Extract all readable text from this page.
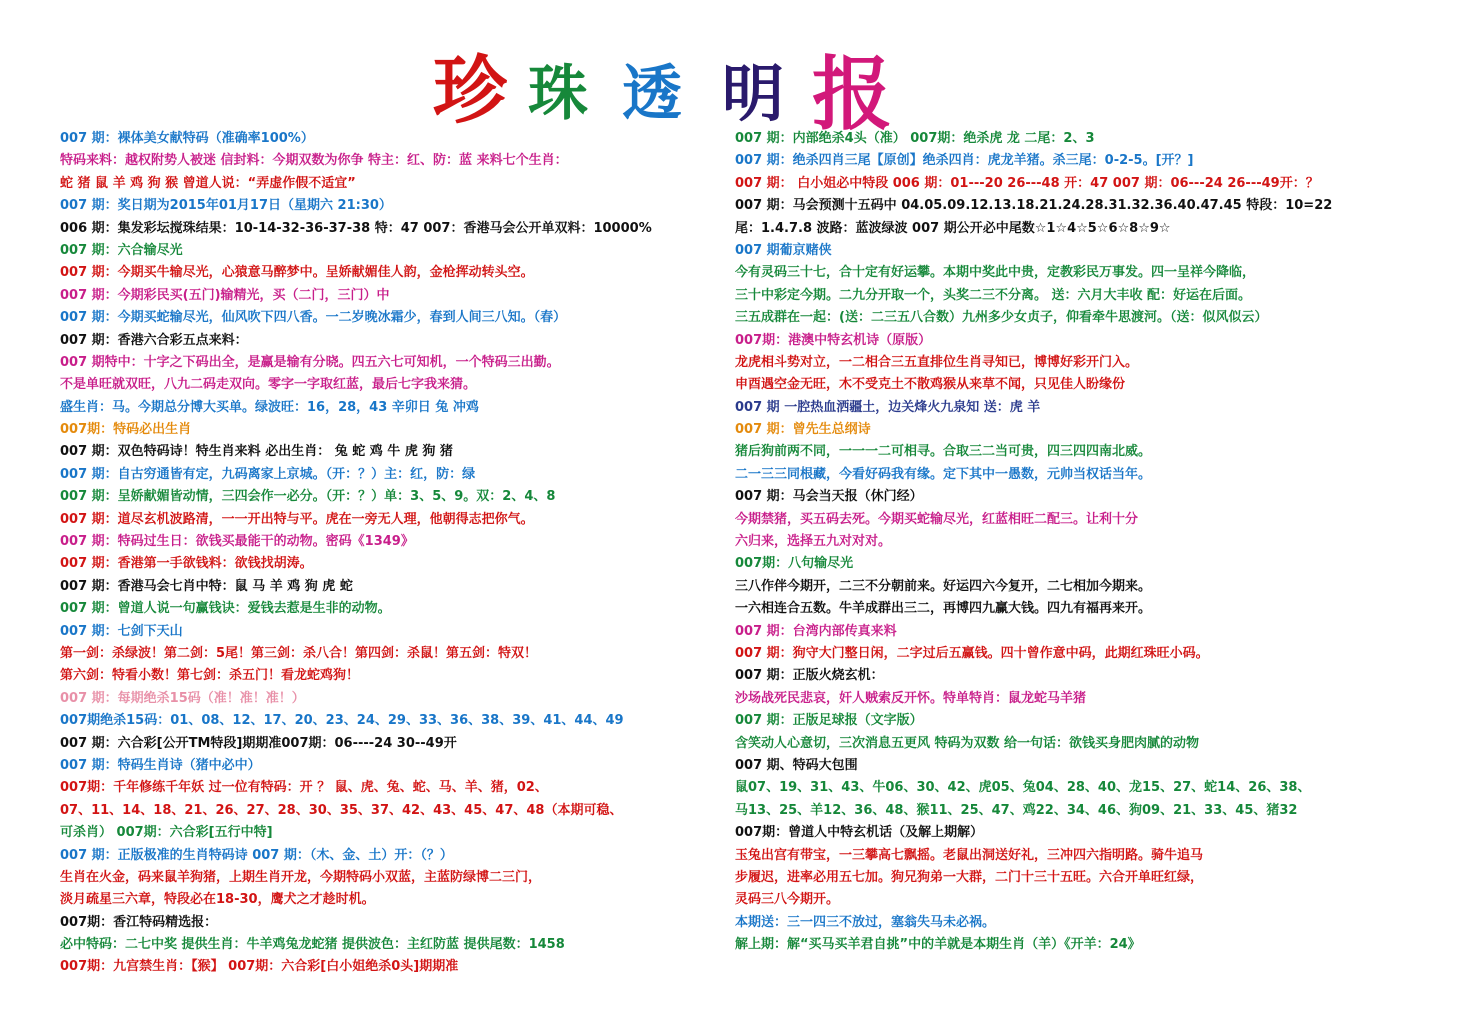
珍 珠 透 明 报
007 期：裸体美女献特码（准确率100%）
特码来料：越权附势人被迷 信封料：今期双数为你争 特主：红、防：蓝 来料七个生肖：
蛇 猪 鼠 羊 鸡 狗 猴 曾道人说：“弄虚作假不适宜”
007 期：奖日期为2015年01月17日（星期六 21:30）
006 期：集发彩坛搅珠结果：10-14-32-36-37-38 特：47 007：香港马会公开单双料：10000%
007 期：六合输尽光
007 期：今期买牛输尽光，心猿意马醉梦中。呈娇献媚佳人韵，金枪挥动转头空。
007 期：今期彩民买(五门)输精光，买（二门，三门）中
007 期：今期买蛇输尽光，仙风吹下四八香。一二岁晚冰霜少，春到人间三八知。（春）
007 期：香港六合彩五点来料：
007 期特中：十字之下码出全，是赢是输有分晓。四五六七可知机，一个特码三出勤。
不是单旺就双旺，八九二码走双向。零字一字取红蓝，最后七字我来猜。
盛生肖：马。今期总分博大买单。绿波旺：16，28，43 辛卯日 兔 冲鸡
007期：特码必出生肖
007 期：双色特码诗！特生肖来料 必出生肖： 兔 蛇 鸡 牛 虎 狗 猪
007 期：自古穷通皆有定，九码离家上京城。（开：？）主：红，防：绿
007 期：呈娇献媚皆动情，三四会作一必分。（开：？）单：3、5、9。双：2、4、8
007 期：道尽玄机波路清，一一开出特与平。虎在一旁无人理，他朝得志把你气。
007 期：特码过生日：欲钱买最能干的动物。密码《1349》
007 期：香港第一手欲钱料：欲钱找胡涛。
007 期：香港马会七肖中特：鼠 马 羊 鸡 狗 虎 蛇
007 期：曾道人说一句赢钱诀：爱钱去惹是生非的动物。
007 期：七剑下天山
第一剑：杀绿波！第二剑：5尾！第三剑：杀八合！第四剑：杀鼠！第五剑：特双！
第六剑：特看小数！第七剑：杀五门！看龙蛇鸡狗！
007 期：每期绝杀15码（准！准！准！）
007期绝杀15码：01、08、12、17、20、23、24、29、33、36、38、39、41、44、49
007 期：六合彩[公开TM特段]期期准007期：06----24 30--49开
007 期：特码生肖诗（猪中必中）
007期：千年修练千年妖 过一位有特码：开 ？ 鼠、虎、兔、蛇、马、羊、猪，02、
07、11、14、18、21、26、27、28、30、35、37、42、43、45、47、48（本期可稳、
可杀肖） 007期：六合彩[五行中特]
007 期：正版极准的生肖特码诗 007 期：（木、金、土）开：（？）
生肖在火金，码来鼠羊狗猪，上期生肖开龙，今期特码小双蓝，主蓝防绿博二三门，
淡月疏星三六章，特段必在18-30，鹰犬之才趁时机。
007期：香江特码精选报：
必中特码：二七中奖 提供生肖：牛羊鸡兔龙蛇猪 提供波色：主红防蓝 提供尾数：1458
007期：九宫禁生肖：【猴】 007期：六合彩[白小姐绝杀0头]期期准
007 期：内部绝杀4头（准） 007期：绝杀虎 龙 二尾：2、3
007 期：绝杀四肖三尾【原创】绝杀四肖：虎龙羊猪。杀三尾：0-2-5。[开？]
007 期： 白小姐必中特段 006 期：01---20 26---48 开：47 007 期：06---24 26---49开：？
007 期：马会预测十五码中 04.05.09.12.13.18.21.24.28.31.32.36.40.47.45 特段：10=22
尾：1.4.7.8 波路：蓝波绿波 007 期公开必中尾数☆1☆4☆5☆6☆8☆9☆
007 期葡京赌侠
今有灵码三十七，合十定有好运攀。本期中奖此中贵，定教彩民万事发。四一呈祥今降临，
三十中彩定今期。二九分开取一个，头奖二三不分离。 送：六月大丰收 配：好运在后面。
三五成群在一起：(送：二三五八合数）九州多少女贞子，仰看牵牛思渡河。（送：似风似云）
007期：港澳中特玄机诗（原版）
龙虎相斗势对立，一二相合三五直排位生肖寻知已，博博好彩开门入。
申酉遇空金无旺，木不受克土不散鸡猴从来草不闻，只见佳人盼缘份
007 期 一腔热血洒疆土，边关烽火九泉知 送：虎 羊
007 期：曾先生总纲诗
猪后狗前两不同，一一一二可相寻。合取三二当可贵，四三四四南北威。
二一三三同根藏，今看好码我有缘。定下其中一愚数，元帅当权话当年。
007 期：马会当天报（休门经）
今期禁猪，买五码去死。今期买蛇输尽光，红蓝相旺二配三。让利十分
六归来，选择五九对对对。
007期：八句输尽光
三八作伴今期开，二三不分朝前来。好运四六今复开，二七相加今期来。
一六相连合五数。牛羊成群出三二，再博四九赢大钱。四九有福再来开。
007 期：台湾内部传真来料
007 期：狗守大门整日闲，二字过后五赢钱。四十曾作意中码，此期红珠旺小码。
007 期：正版火烧玄机：
沙场战死民悲哀，奸人贼索反开怀。特单特肖：鼠龙蛇马羊猪
007 期：正版足球报（文字版）
含笑动人心意切，三次消息五更风 特码为双数 给一句话：欲钱买身肥肉腻的动物
007 期、特码大包围
鼠07、19、31、43、牛06、30、42、虎05、兔04、28、40、龙15、27、蛇14、26、38、
马13、25、羊12、36、48、猴11、25、47、鸡22、34、46、狗09、21、33、45、猪32
007期：曾道人中特玄机话（及解上期解）
玉兔出宫有带宝，一三攀高七飘摇。老鼠出洞送好礼，三冲四六指明路。骑牛追马
步履迟，进率必用五七加。狗兄狗弟一大群，二门十三十五旺。六合开单旺红绿，
灵码三八今期开。
本期送：三一四三不放过，塞翁失马未必祸。
解上期：解“买马买羊君自挑”中的羊就是本期生肖（羊）《开羊：24》
